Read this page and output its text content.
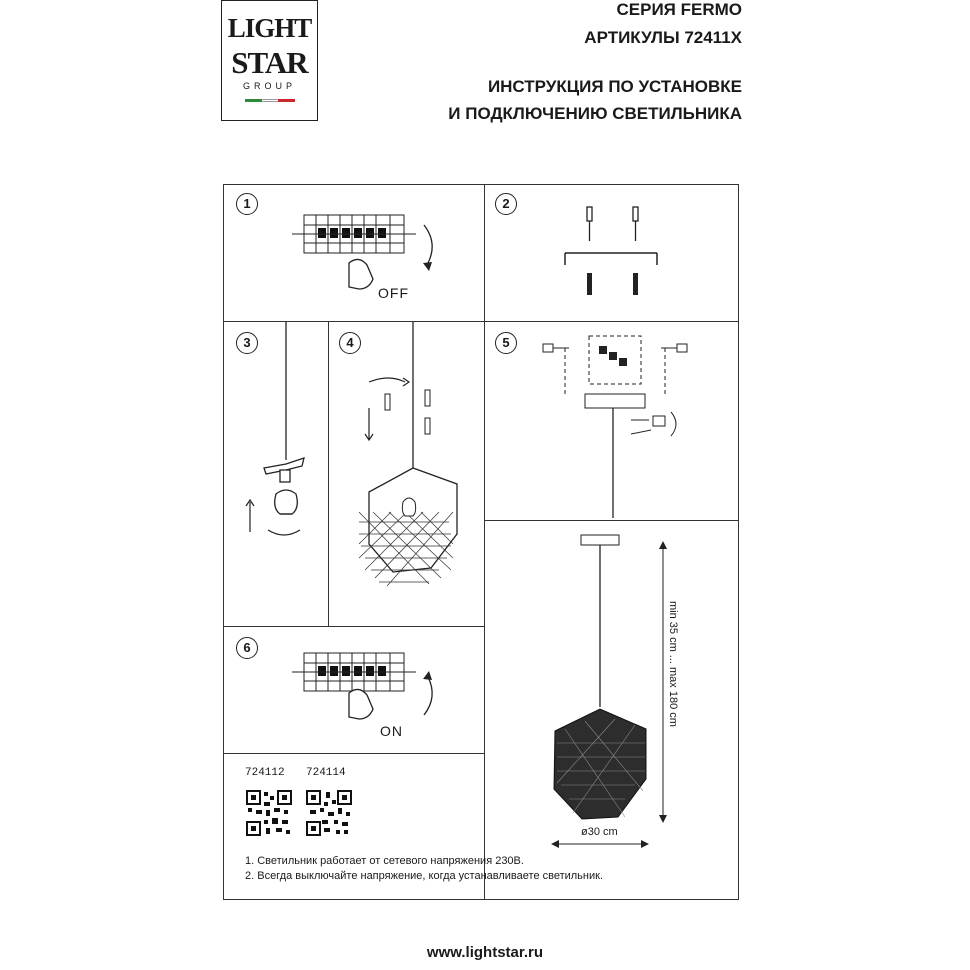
LIGHT
STAR
GROUP
СЕРИЯ FERMO
АРТИКУЛЫ 72411X
ИНСТРУКЦИЯ ПО УСТАНОВКЕ
И ПОДКЛЮЧЕНИЮ СВЕТИЛЬНИКА
1
OFF
2
3	4	5
min 35 cm ... max 180 cm
ø30 cm
6
ON
724112 724114
1. Светильник работает от сетевого напряжения 230В.
2. Всегда выключайте напряжение, когда устанавливаете светильник.
www.lightstar.ru
